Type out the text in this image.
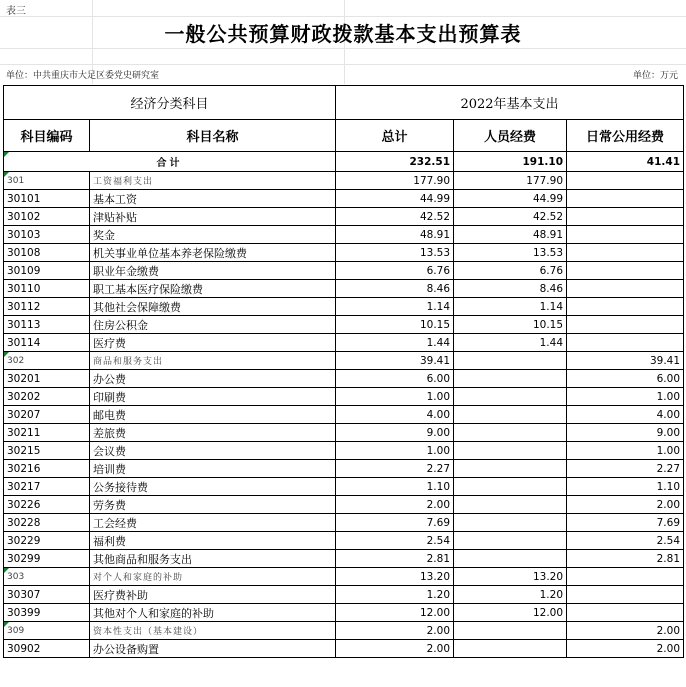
表三
一般公共预算财政拨款基本支出预算表
单位：中共重庆市大足区委党史研究室	单位：万元
经济分类科目		2022年基本支出		
科目编码	科目名称	总计	人员经费	日常公用经费
合计		232.51	191.10	41.41
301	工资福利支出	177.90	177.90	
30101	基本工资	44.99	44.99	
30102	津贴补贴	42.52	42.52	
30103	奖金	48.91	48.91	
30108	机关事业单位基本养老保险缴费	13.53	13.53	
30109	职业年金缴费	6.76	6.76	
30110	职工基本医疗保险缴费	8.46	8.46	
30112	其他社会保障缴费	1.14	1.14	
30113	住房公积金	10.15	10.15	
30114	医疗费	1.44	1.44	
302	商品和服务支出	39.41		39.41
30201	办公费	6.00		6.00
30202	印刷费	1.00		1.00
30207	邮电费	4.00		4.00
30211	差旅费	9.00		9.00
30215	会议费	1.00		1.00
30216	培训费	2.27		2.27
30217	公务接待费	1.10		1.10
30226	劳务费	2.00		2.00
30228	工会经费	7.69		7.69
30229	福利费	2.54		2.54
30299	其他商品和服务支出	2.81		2.81
303	对个人和家庭的补助	13.20	13.20	
30307	医疗费补助	1.20	1.20	
30399	其他对个人和家庭的补助	12.00	12.00	
309	资本性支出（基本建设）	2.00		2.00
30902	办公设备购置	2.00		2.00
